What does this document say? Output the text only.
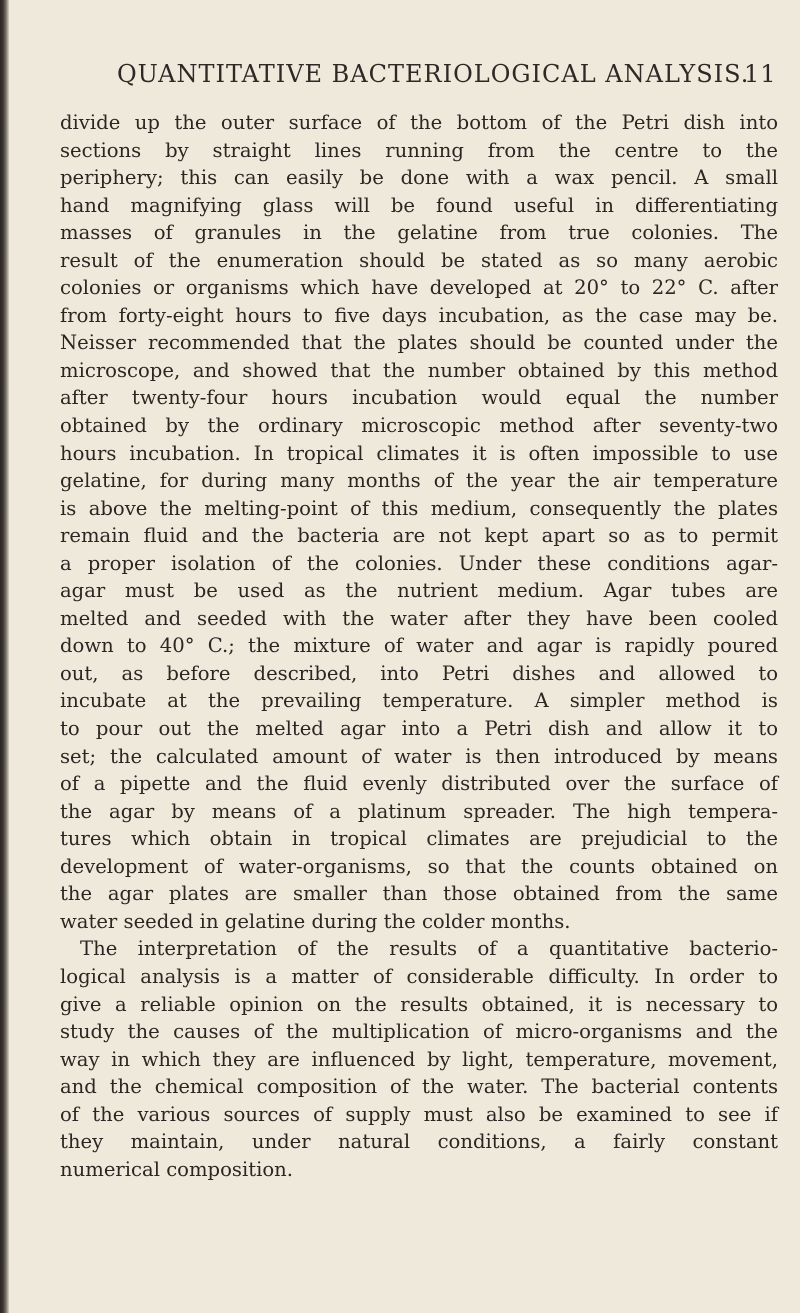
QUANTITATIVE BACTERIOLOGICAL ANALYSIS.
11
divide up the outer surface of the bottom of the Petri dish into
sections by straight lines running from the centre to the
periphery; this can easily be done with a wax pencil. A small
hand magnifying glass will be found useful in differentiating
masses of granules in the gelatine from true colonies. The
result of the enumeration should be stated as so many aerobic
colonies or organisms which have developed at 20° to 22° C. after
from forty-eight hours to five days incubation, as the case may be.
Neisser recommended that the plates should be counted under the
microscope, and showed that the number obtained by this method
after twenty-four hours incubation would equal the number
obtained by the ordinary microscopic method after seventy-two
hours incubation. In tropical climates it is often impossible to use
gelatine, for during many months of the year the air temperature
is above the melting-point of this medium, consequently the plates
remain fluid and the bacteria are not kept apart so as to permit
a proper isolation of the colonies. Under these conditions agar-
agar must be used as the nutrient medium. Agar tubes are
melted and seeded with the water after they have been cooled
down to 40° C.; the mixture of water and agar is rapidly poured
out, as before described, into Petri dishes and allowed to
incubate at the prevailing temperature. A simpler method is
to pour out the melted agar into a Petri dish and allow it to
set; the calculated amount of water is then introduced by means
of a pipette and the fluid evenly distributed over the surface of
the agar by means of a platinum spreader. The high tempera-
tures which obtain in tropical climates are prejudicial to the
development of water-organisms, so that the counts obtained on
the agar plates are smaller than those obtained from the same
water seeded in gelatine during the colder months.
The interpretation of the results of a quantitative bacterio-
logical analysis is a matter of considerable difficulty. In order to
give a reliable opinion on the results obtained, it is necessary to
study the causes of the multiplication of micro-organisms and the
way in which they are influenced by light, temperature, movement,
and the chemical composition of the water. The bacterial contents
of the various sources of supply must also be examined to see if
they maintain, under natural conditions, a fairly constant
numerical composition.
